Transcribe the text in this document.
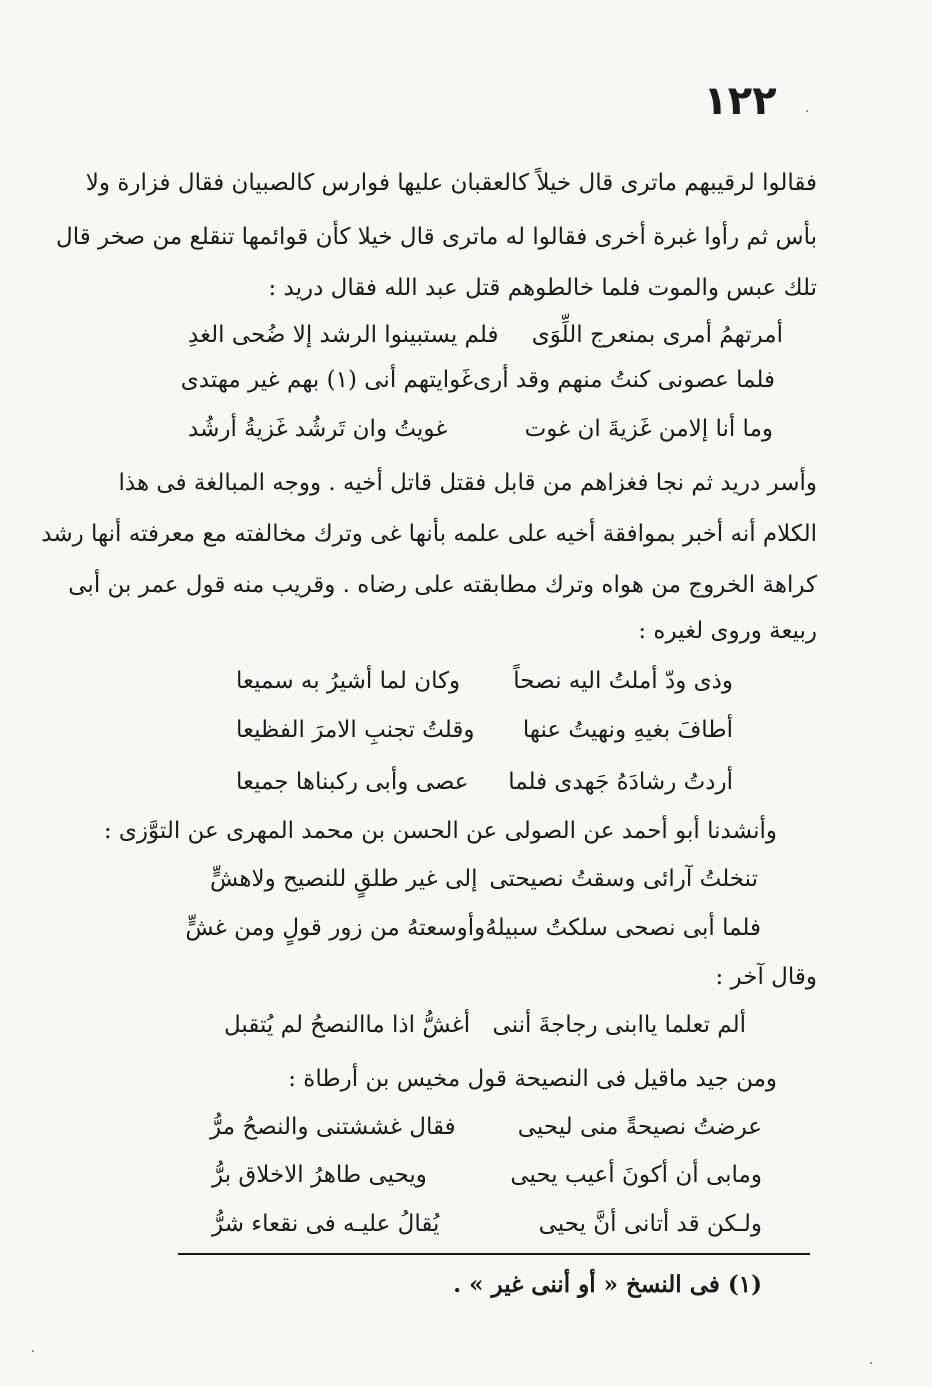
١٢٢
فقالوا لرقيبهم ماترى قال خيلاً كالعقبان عليها فوارس كالصبيان فقال فزارة ولا
بأس ثم رأوا غبرة أخرى فقالوا له ماترى قال خيلا كأن قوائمها تنقلع من صخر قال
تلك عبس والموت فلما خالطوهم قتل عبد الله فقال دريد :
أمرتهمُ أمرى بمنعرج اللِّوَى
فلم يستبينوا الرشد إلا ضُحى الغدِ
فلما عصونى كنتُ منهم وقد أرى
غَوايتهم أنى (١) بهم غير مهتدى
وما أنا إلامن غَزيةَ ان غوت
غويتُ وان تَرشُد غَزيةُ أرشُد
وأسر دريد ثم نجا فغزاهم من قابل فقتل قاتل أخيه . ووجه المبالغة فى هذا
الكلام أنه أخبر بموافقة أخيه على علمه بأنها غى وترك مخالفته مع معرفته أنها رشد
كراهة الخروج من هواه وترك مطابقته على رضاه . وقريب منه قول عمر بن أبى
ربيعة وروى لغيره :
وذى ودّ أملتُ اليه نصحاً
وكان لما أشيرُ به سميعا
أطافَ بغيهِ ونهيتُ عنها
وقلتُ تجنبِ الامرَ الفظيعا
أردتُ رشادَهُ جَهدى فلما
عصى وأبى ركبناها جميعا
وأنشدنا أبو أحمد عن الصولى عن الحسن بن محمد المهرى عن التوَّزى :
تنخلتُ آرائى وسقتُ نصيحتى
إلى غير طلقٍ للنصيح ولاهشٍّ
فلما أبى نصحى سلكتُ سبيلهُ
وأوسعتهُ من زور قولٍ ومن غشٍّ
وقال آخر :
ألم تعلما ياابنى رجاجةَ أننى
أغشُّ اذا ماالنصحُ لم يُتقبل
ومن جيد ماقيل فى النصيحة قول مخيس بن أرطاة :
عرضتُ نصيحةً منى ليحيى
فقال غششتنى والنصحُ مرُّ
ومابى أن أكونَ أعيب يحيى
ويحيى طاهرُ الاخلاق برُّ
ولـكن قد أتانى أنَّ يحيى
يُقالُ عليـه فى نقعاء شرُّ
(١) فى النسخ « أو أننى غير » .
